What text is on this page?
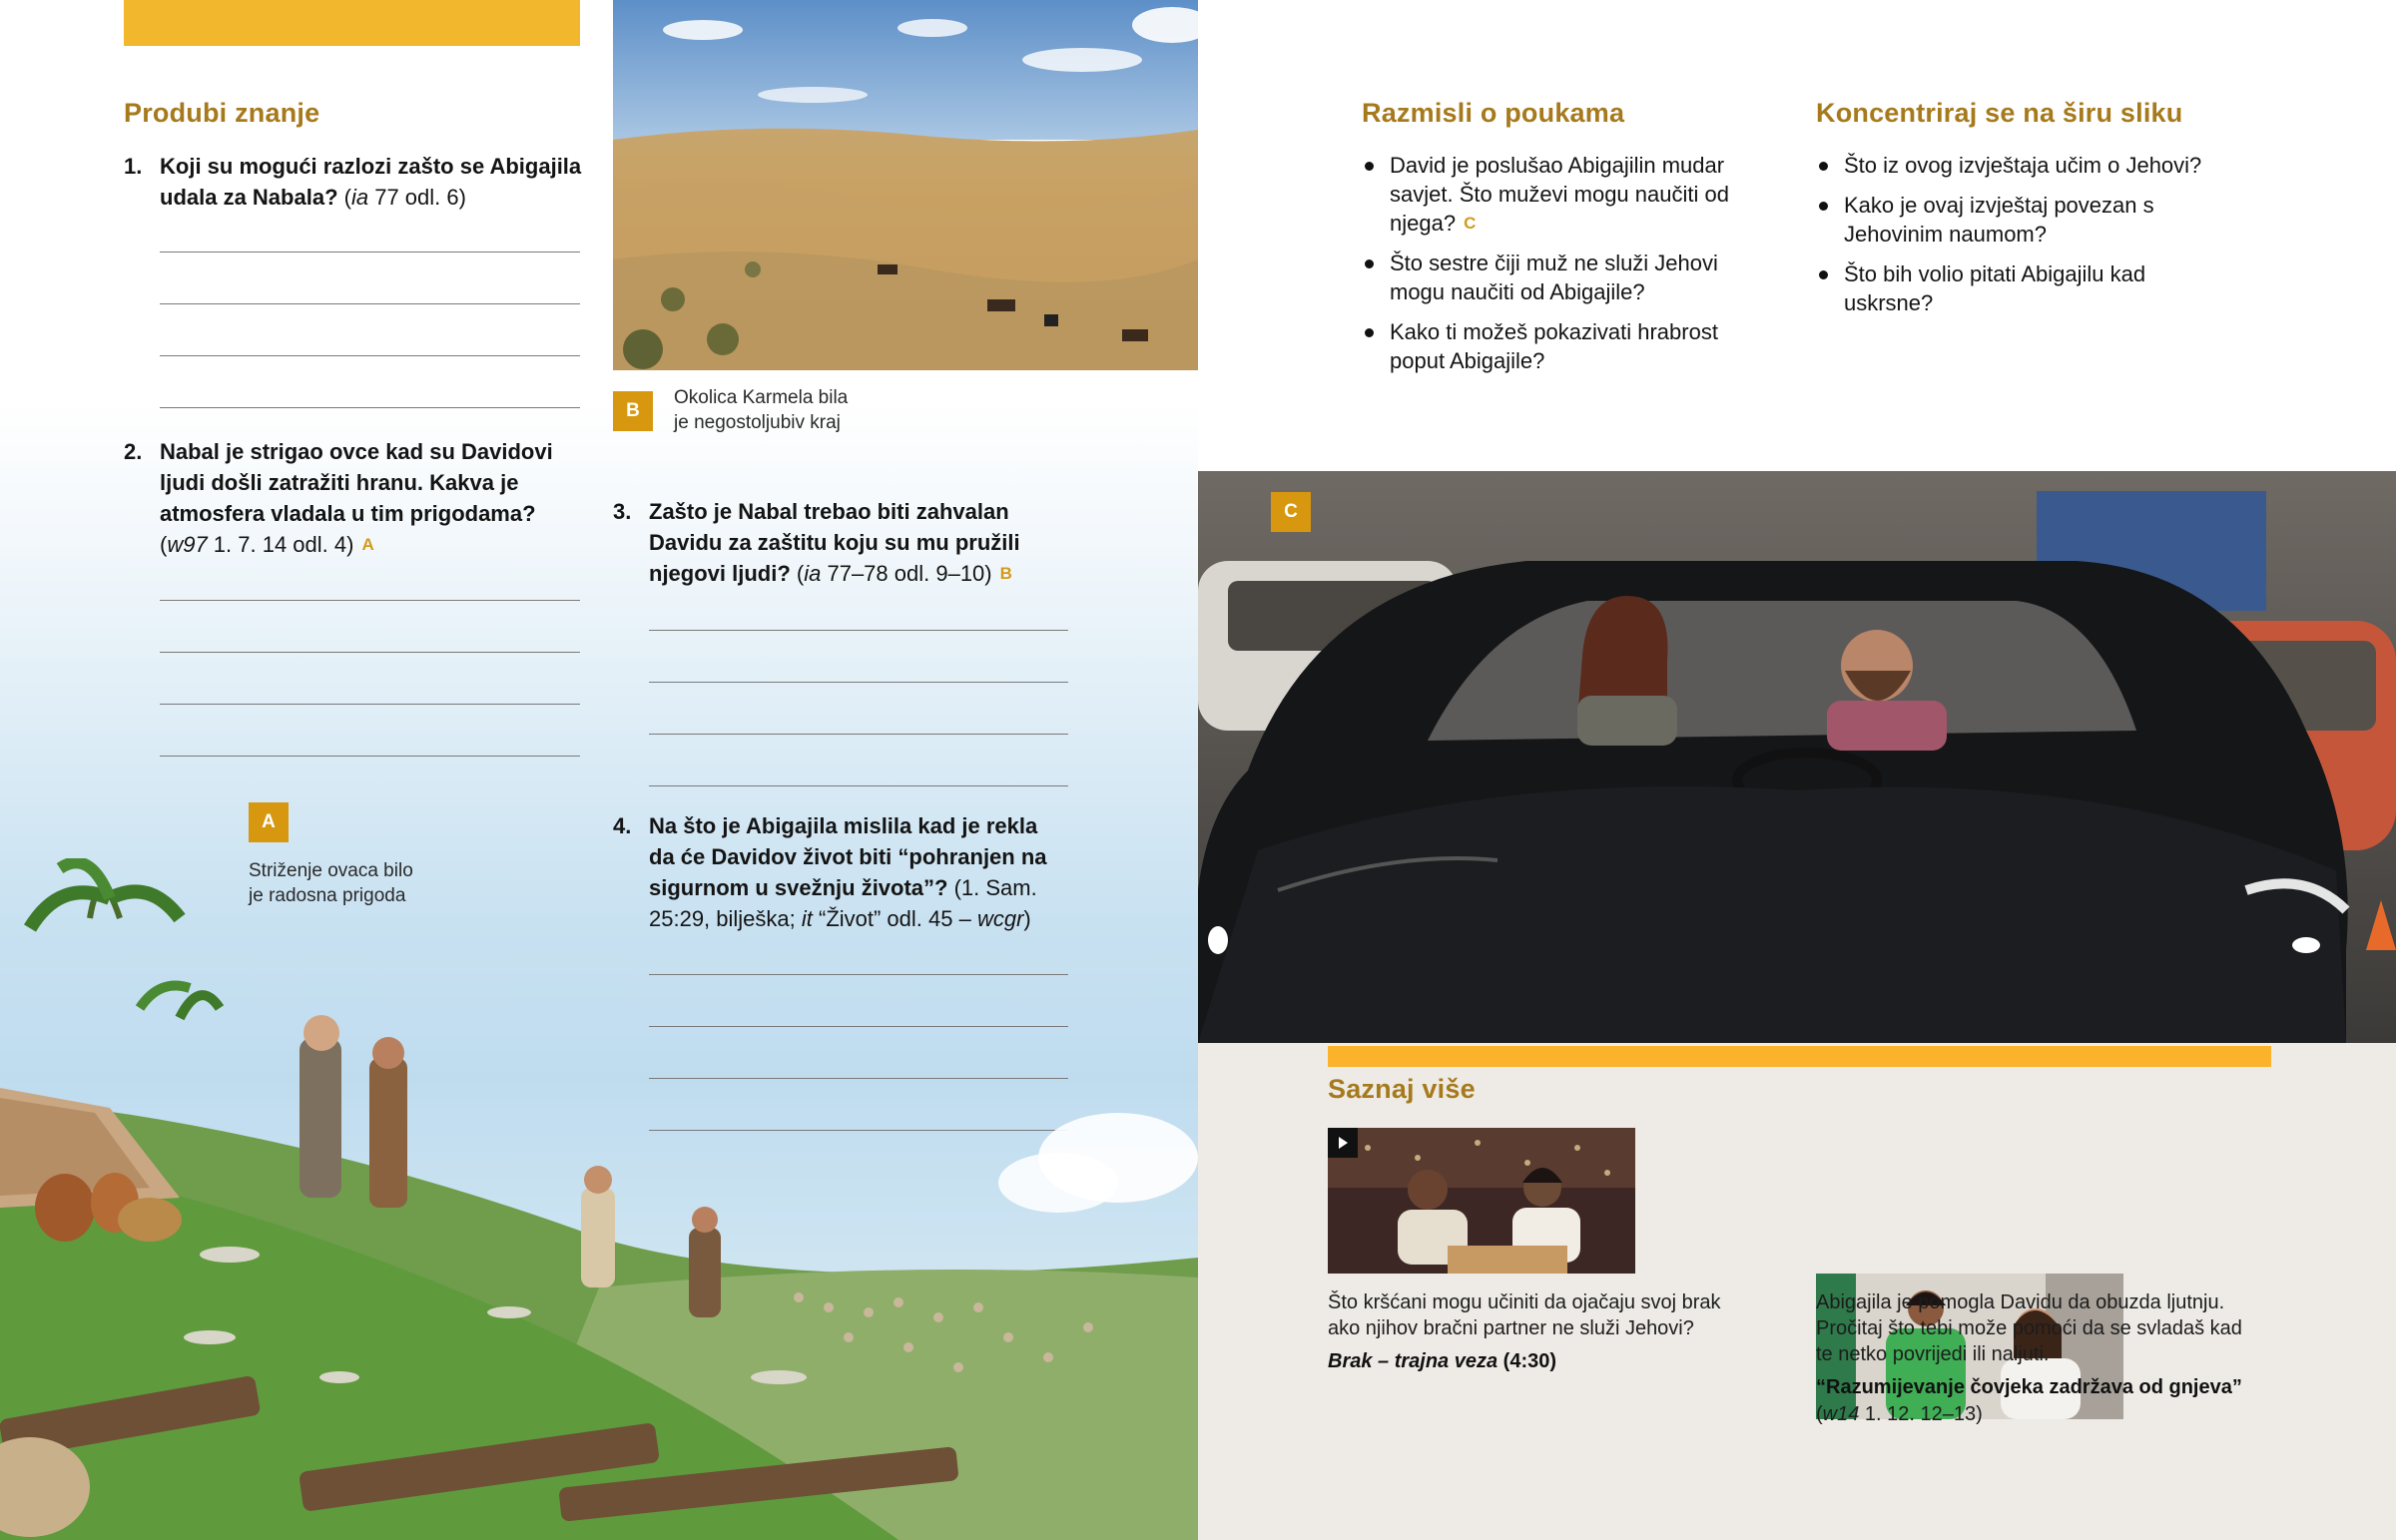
Produbi znanje
1. Koji su mogući razlozi zašto se Abigajila udala za Nabala? (ia 77 odl. 6)
2. Nabal je strigao ovce kad su Davidovi ljudi došli zatražiti hranu. Kakva je atmosfera vladala u tim prigodama? (w97 1. 7. 14 odl. 4) A
B
Okolica Karmela bila
je negostoljubiv kraj
3. Zašto je Nabal trebao biti zahvalan Davidu za zaštitu koju su mu pružili njegovi ljudi? (ia 77–78 odl. 9–10) B
4. Na što je Abigajila mislila kad je rekla da će Davidov život biti “pohranjen na sigurnom u svežnju života”? (1. Sam. 25:29, bilješka; it “Život” odl. 45 – wcgr)
A
Striženje ovaca bilo
je radosna prigoda
Razmisli o poukama
David je poslušao Abigajilin mudar savjet. Što muževi mogu naučiti od njega? C
Što sestre čiji muž ne služi Jehovi mogu naučiti od Abigajile?
Kako ti možeš pokazivati hrabrost poput Abigajile?
Koncentriraj se na širu sliku
Što iz ovog izvještaja učim o Jehovi?
Kako je ovaj izvještaj povezan s Jehovinim naumom?
Što bih volio pitati Abigajilu kad uskrsne?
C
Saznaj više
Što kršćani mogu učiniti da ojačaju svoj brak ako njihov bračni partner ne služi Jehovi?
Brak – trajna veza (4:30)
Abigajila je pomogla Davidu da obuzda ljutnju. Pročitaj što tebi može pomoći da se svladaš kad te netko povrijedi ili naljuti.
“Razumijevanje čovjeka zadržava od gnjeva”
(w14 1. 12. 12–13)
